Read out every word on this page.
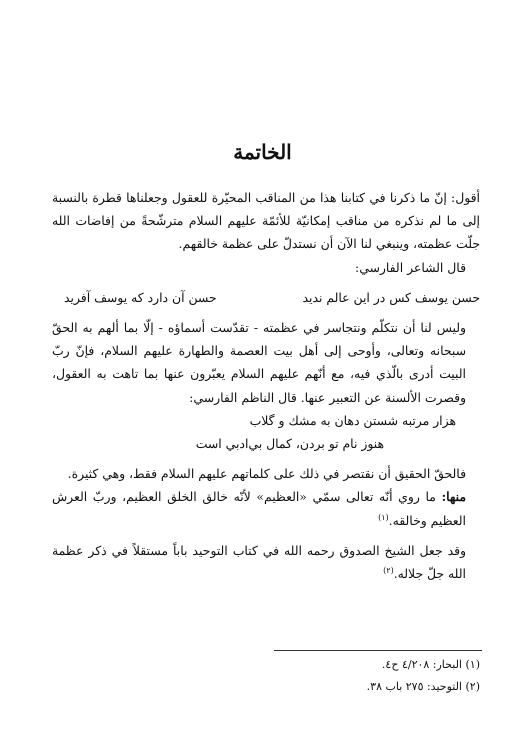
الخاتمة

أقول: إنّ ما ذكرنا في كتابنا هذا من المناقب المحيّرة للعقول وجعلناها قطرة بالنسبة إلى ما لم نذكره من مناقب إمكانيّة للأئمّة عليهم السلام مترشّحةً من إفاضات الله جلّت عظمته، وينبغي لنا الآن أن نستدلّ على عظمة خالقهم.

قال الشاعر الفارسي:

حسن يوسف كس در اين عالم نديد
حسن آن دارد كه يوسف آفريد

وليس لنا أن نتكلّم ونتجاسر في عظمته - تقدّست أسماؤه - إلّا بما ألهم به الحقّ سبحانه وتعالى، وأوحى إلى أهل بيت العصمة والطهارة عليهم السلام، فإنّ ربّ البيت أدرى بالّذي فيه، مع أنّهم عليهم السلام يعبّرون عنها بما تاهت به العقول، وقصرت الألسنة عن التعبير عنها. قال الناظم الفارسي:

هزار مرتبه شستن دهان به مشك و گلاب
هنوز نام تو بردن، كمال بي‌ادبي است

فالحقّ الحقيق أن نقتصر في ذلك على كلماتهم عليهم السلام فقط، وهي كثيرة.

منها: ما روي أنّه تعالى سمّي «العظيم» لأنّه خالق الخلق العظيم، وربّ العرش العظيم وخالقه.$^{(١)}$

وقد جعل الشيخ الصدوق رحمه الله في كتاب التوحيد باباً مستقلاً في ذكر عظمة الله جلّ جلاله.$^{(٢)}$

(١) البحار: ٤/٢٠٨ ح٤.

(٢) التوحيد: ٢٧٥ باب ٣٨.
